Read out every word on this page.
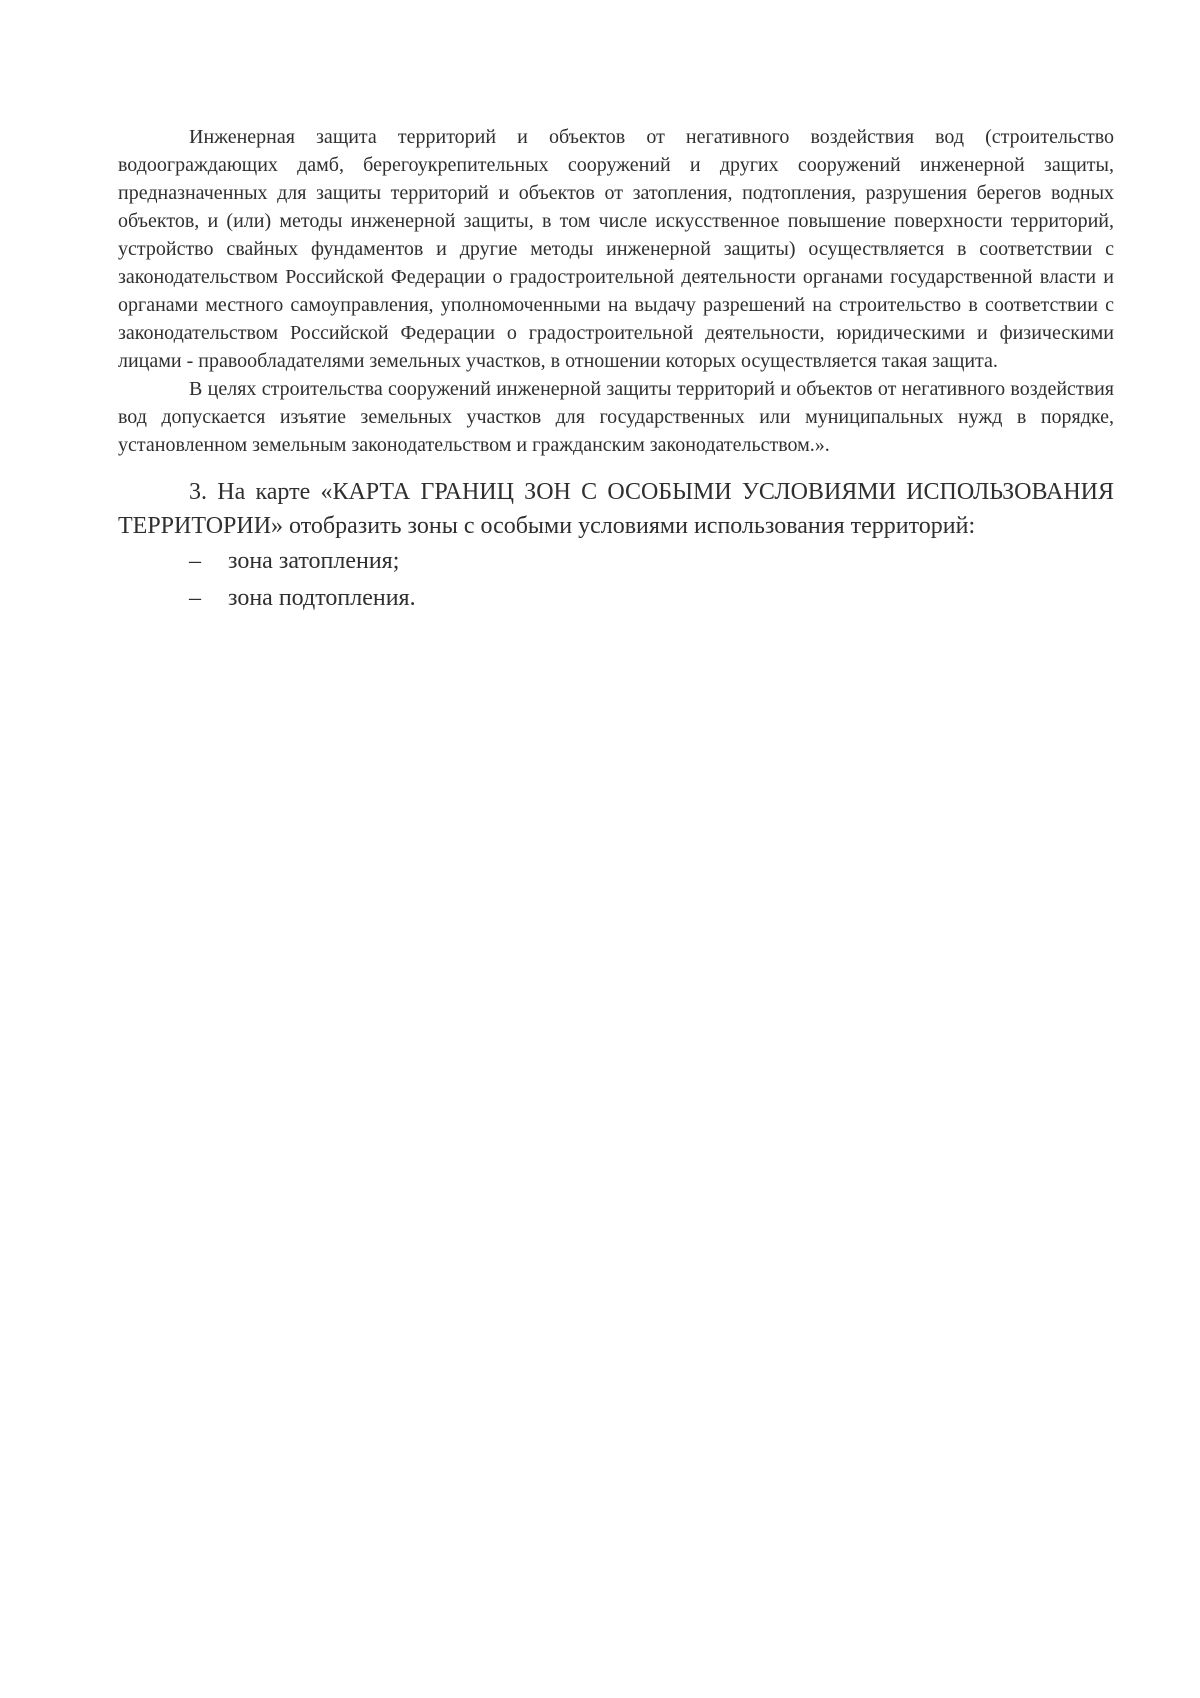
Инженерная защита территорий и объектов от негативного воздействия вод (строительство водоограждающих дамб, берегоукрепительных сооружений и других сооружений инженерной защиты, предназначенных для защиты территорий и объектов от затопления, подтопления, разрушения берегов водных объектов, и (или) методы инженерной защиты, в том числе искусственное повышение поверхности территорий, устройство свайных фундаментов и другие методы инженерной защиты) осуществляется в соответствии с законодательством Российской Федерации о градостроительной деятельности органами государственной власти и органами местного самоуправления, уполномоченными на выдачу разрешений на строительство в соответствии с законодательством Российской Федерации о градостроительной деятельности, юридическими и физическими лицами - правообладателями земельных участков, в отношении которых осуществляется такая защита.

В целях строительства сооружений инженерной защиты территорий и объектов от негативного воздействия вод допускается изъятие земельных участков для государственных или муниципальных нужд в порядке, установленном земельным законодательством и гражданским законодательством.».

3. На карте «КАРТА ГРАНИЦ ЗОН С ОСОБЫМИ УСЛОВИЯМИ ИСПОЛЬЗОВАНИЯ ТЕРРИТОРИИ» отобразить зоны с особыми условиями использования территорий:

–	зона затопления;
–	зона подтопления.
